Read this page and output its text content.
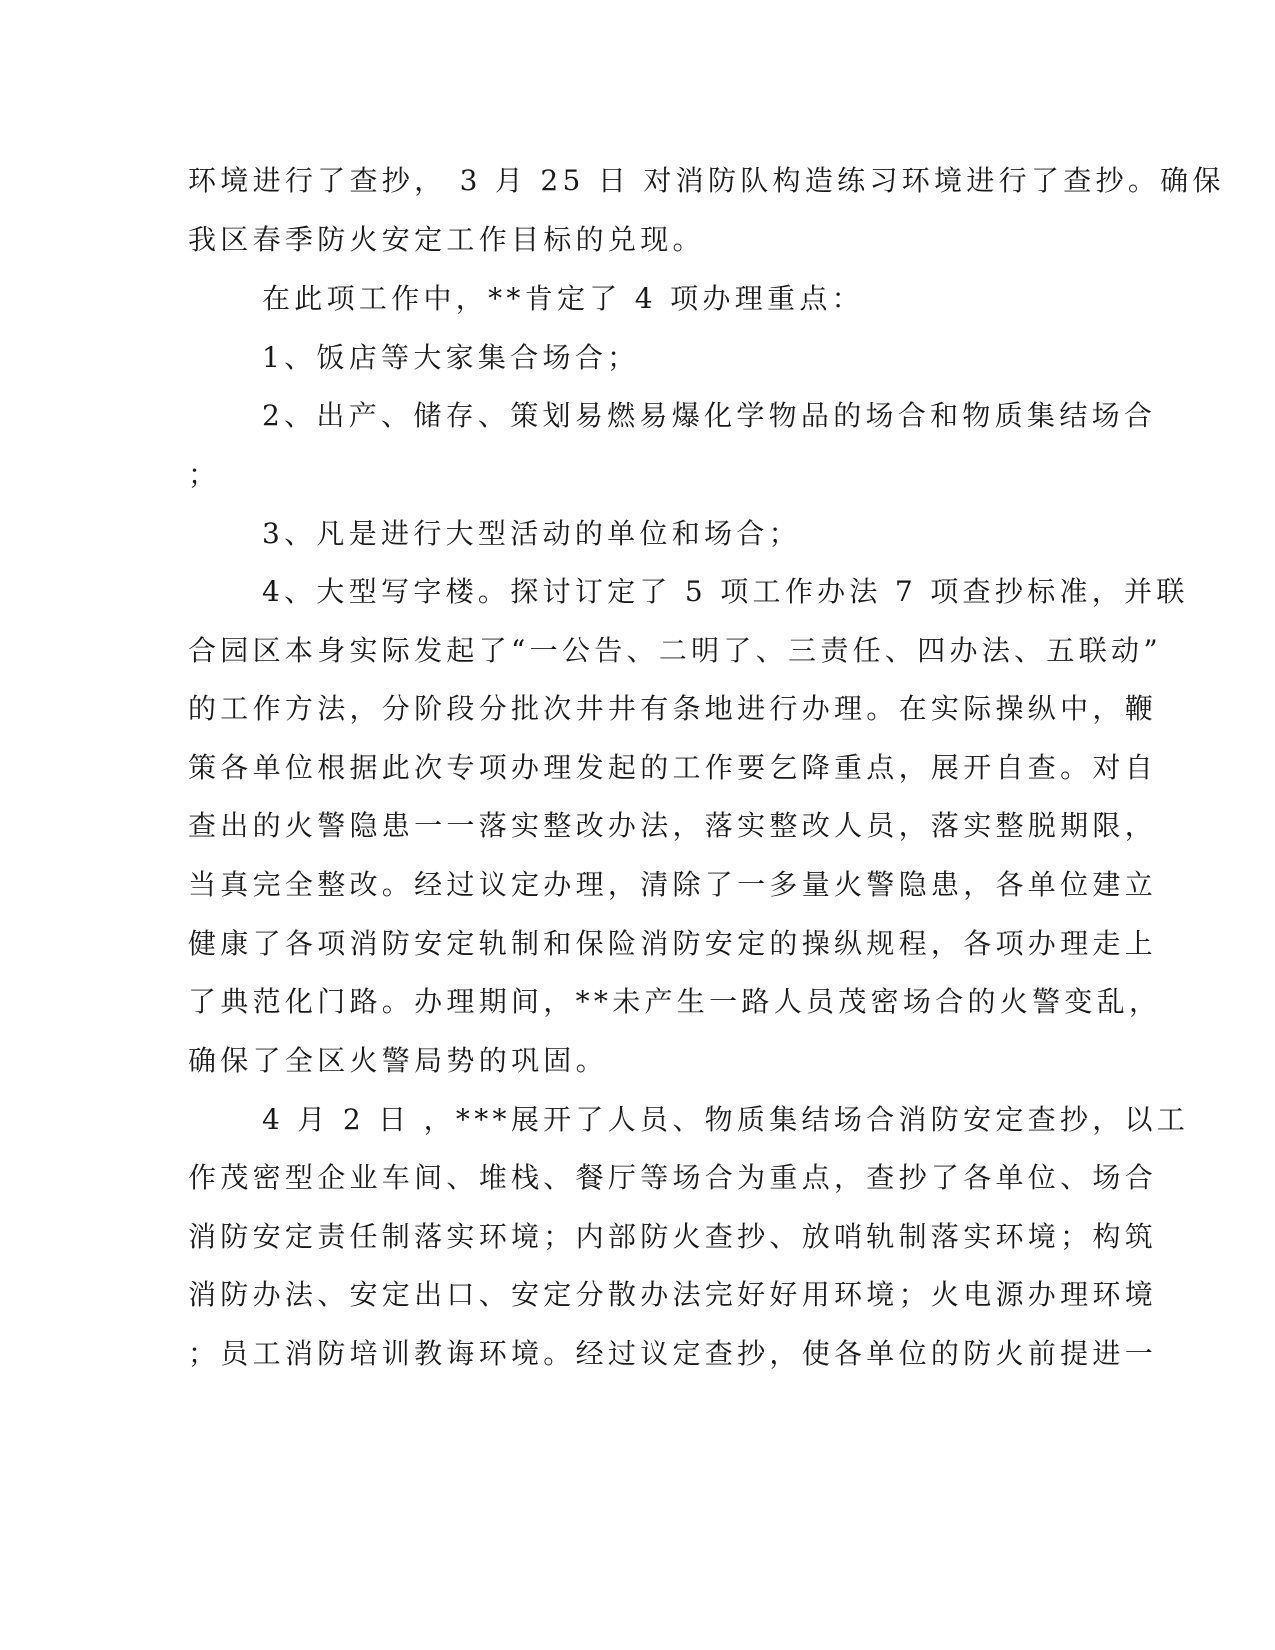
环境进行了查抄， 3 月 25 日 对消防队构造练习环境进行了查抄。确保
我区春季防火安定工作目标的兑现。
在此项工作中，**肯定了 4 项办理重点：
1、饭店等大家集合场合；
2、出产、储存、策划易燃易爆化学物品的场合和物质集结场合
；
3、凡是进行大型活动的单位和场合；
4、大型写字楼。探讨订定了 5 项工作办法 7 项查抄标准，并联
合园区本身实际发起了“一公告、二明了、三责任、四办法、五联动”
的工作方法，分阶段分批次井井有条地进行办理。在实际操纵中，鞭
策各单位根据此次专项办理发起的工作要乞降重点，展开自查。对自
查出的火警隐患一一落实整改办法，落实整改人员，落实整脱期限，
当真完全整改。经过议定办理，清除了一多量火警隐患，各单位建立
健康了各项消防安定轨制和保险消防安定的操纵规程，各项办理走上
了典范化门路。办理期间，**未产生一路人员茂密场合的火警变乱，
确保了全区火警局势的巩固。
4 月 2 日 ，***展开了人员、物质集结场合消防安定查抄，以工
作茂密型企业车间、堆栈、餐厅等场合为重点，查抄了各单位、场合
消防安定责任制落实环境；内部防火查抄、放哨轨制落实环境；构筑
消防办法、安定出口、安定分散办法完好好用环境；火电源办理环境
；员工消防培训教诲环境。经过议定查抄，使各单位的防火前提进一
